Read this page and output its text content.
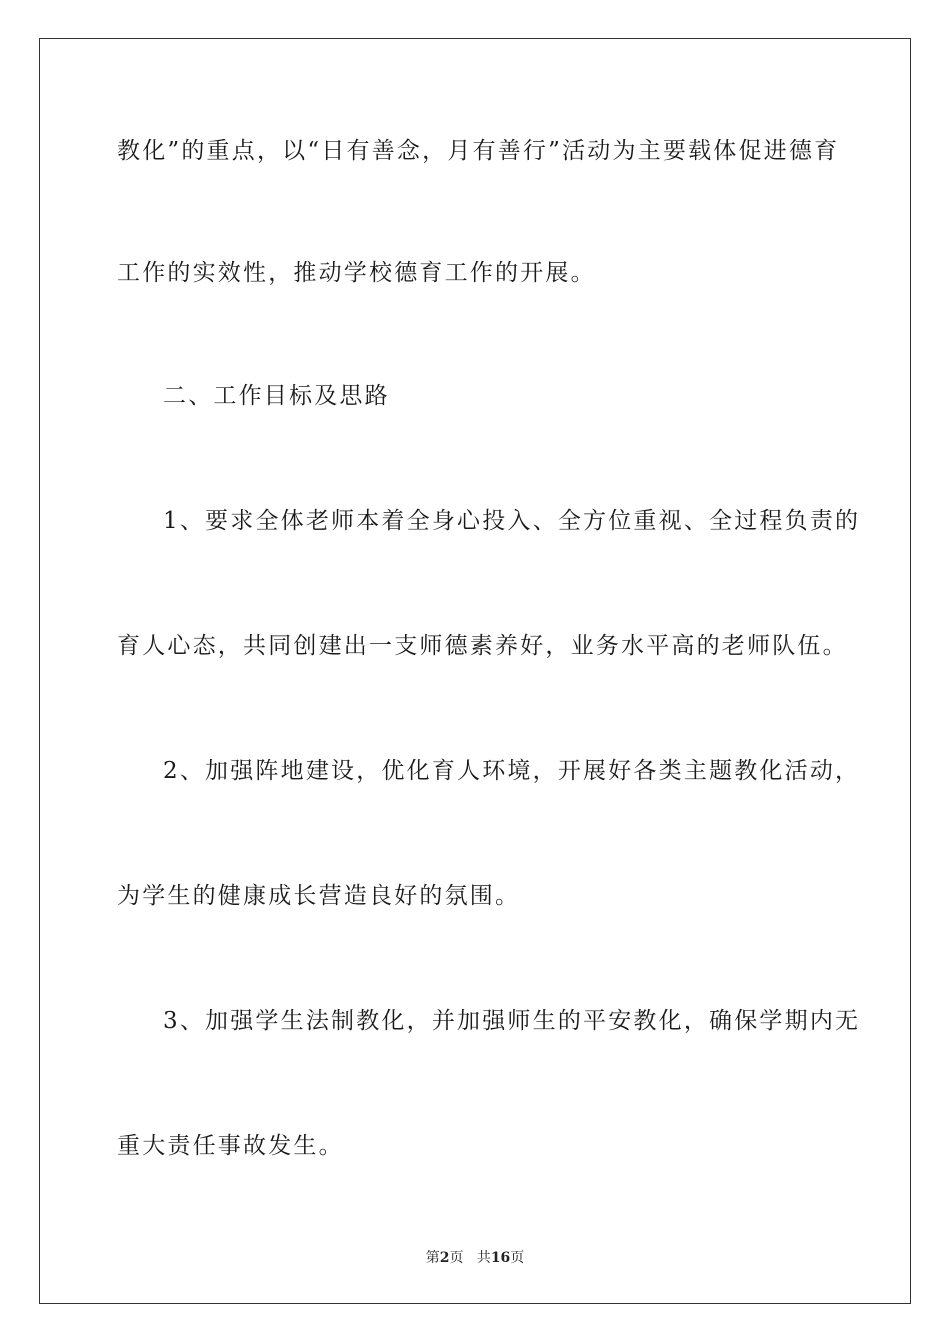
教化”的重点，以“日有善念，月有善行”活动为主要载体促进德育
工作的实效性，推动学校德育工作的开展。
二、工作目标及思路
1、要求全体老师本着全身心投入、全方位重视、全过程负责的
育人心态，共同创建出一支师德素养好，业务水平高的老师队伍。
2、加强阵地建设，优化育人环境，开展好各类主题教化活动，
为学生的健康成长营造良好的氛围。
3、加强学生法制教化，并加强师生的平安教化，确保学期内无
重大责任事故发生。
第2页 共16页
